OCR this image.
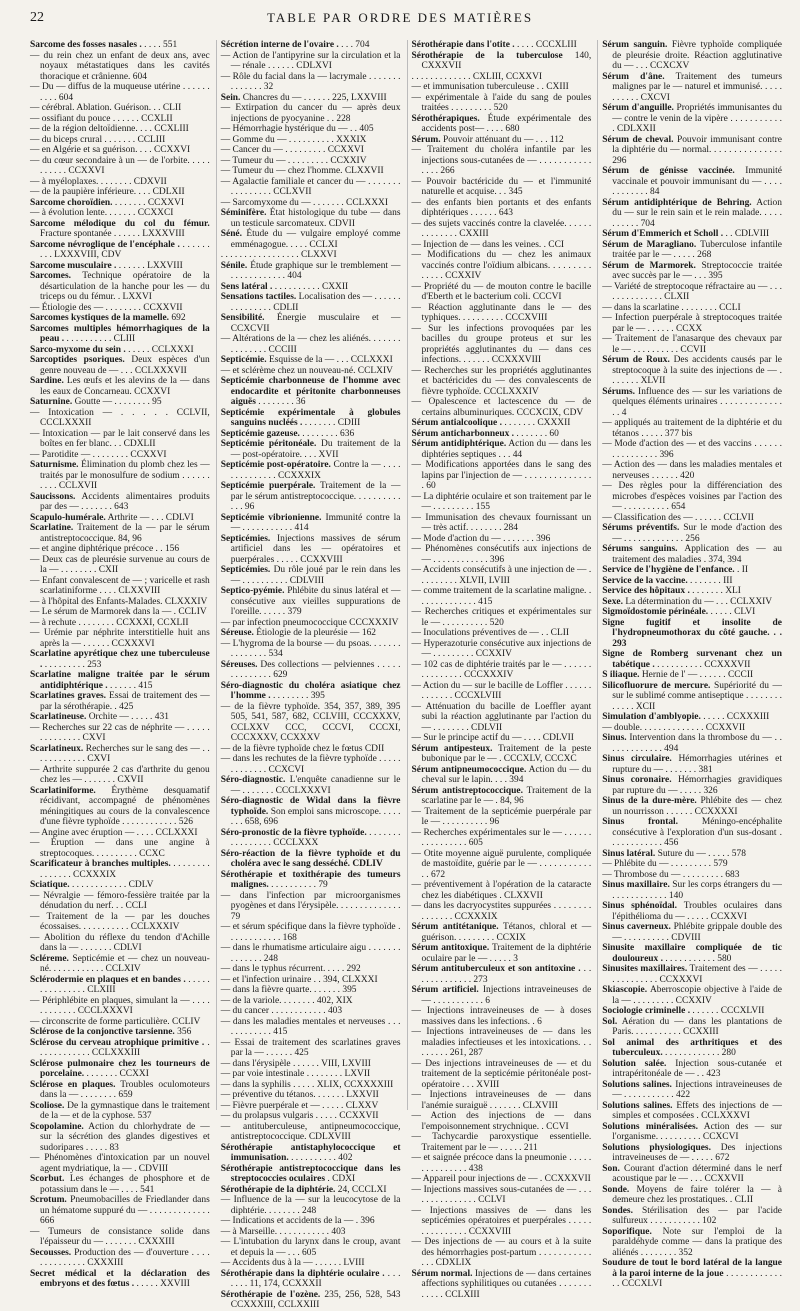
22	TABLE PAR ORDRE DES MATIÈRES
Sarcome des fosses nasales . . . . . 551
— du rein chez un enfant de deux ans, avec noyaux métastatiques dans les cavités thoracique et crânienne. 604
— Du — diffus de la muqueuse utérine . . . . . . . . . . 604
— cérébral. Ablation. Guérison. . . CLII
— ossifiant du pouce . . . . . . CCXLII
— de la région deltoïdienne. . . . CCXLIII
— du biceps crural . . . . . . . CCLIII
— en Algérie et sa guérison. . . . CCXXVI
— du cœur secondaire à un — de l'orbite. . . . . . . . . . . CCXXVI
— à myéloplaxes. . . . . . . . CDXVII
— de la paupière inférieure. . . . CDLXII
Sarcome choroïdien. . . . . . . . CCXXVI
— à évolution lente. . . . . . . CCXXCI
Sarcome mélodique du col du fémur. Fracture spontanée . . . . . . LXXXVIII
Sarcome névroglique de l'encéphale . . . . . . . . . . LXXXVIII, CDV
Sarcome musculaire . . . . . . . LXXVIII
Sarcomes. Technique opératoire de la désarticulation de la hanche pour les — du triceps ou du fémur. . LXXVI
— Étiologie des — . . . . . . . . CCXXVII
Sarcomes kystiques de la mamelle. 692
Sarcomes multiples hémorrhagiques de la peau . . . . . . . . . . . CLIII
Sarco-myxome du sein . . . . . . CCLXXXI
Sarcoptides psoriques. Deux espèces d'un genre nouveau de — . . . CCLXXXVII
Sardine. Les œufs et les alevins de la — dans les eaux de Concarneau. CCXXVI
Saturnine. Goutte — . . . . . . . . 95
— Intoxication — . . . . . CCLVII, CCCLXXXII
— Intoxication — par le lait conservé dans les boîtes en fer blanc. . . CDXLII
— Parotidite — . . . . . . . . CCXXVI
Saturnisme. Élimination du plomb chez les — traités par le monosulfure de sodium . . . . . . . . . . CCLXVII
Saucissons. Accidents alimentaires produits par des — . . . . . . . 643
Scapulo-humérale. Arthrite — . . . CDLVI
Scarlatine. Traitement de la — par le sérum antistreptococcique. 84, 96
— et angine diphtérique précoce . . 156
— Deux cas de pleurésie survenue au cours de la — . . . . . . . . CXII
— Enfant convalescent de — ; varicelle et rash scarlatiniforme . . . . CLXXVIII
— à l'hôpital des Enfants-Malades. CLXXXIV
— Le sérum de Marmorek dans la — . CCLIV
— à rechute . . . . . . . . CCXXXI, CCXLII
— Urémie par néphrite interstitielle huit ans après la — . . . . . . CCXXXVI
Scarlatine apyrétique chez une tuberculeuse . . . . . . . . . . 253
Scarlatine maligne traitée par le sérum antidiphtérique . . . . . . . 415
Scarlatines graves. Essai de traitement des — par la sérothérapie. . 425
Scarlatineuse. Orchite — . . . . . 431
— Recherches sur 22 cas de néphrite — . . . . . . . . . . . . . . CXVI
Scarlatineux. Recherches sur le sang des — . . . . . . . . . . . . CXVI
— Arthrite suppurée 2 cas d'arthrite du genou chez les — . . . . . . . CXVII
Scarlatiniforme. Érythème desquamatif récidivant, accompagné de phénomènes méningitiques au cours de la convalescence d'une fièvre typhoïde . . . . . . . . . . . . 526
— Angine avec éruption — . . . . CCLXXXI
— Éruption — dans une angine à streptocoques. . . . . . . . . . CCXC
Scarificateur à branches multiples. . . . . . . . . . . . . . . . CCXXXIX
Sciatique. . . . . . . . . . . . . CDLV
— Névralgie — fémoro-fessière traitée par la dénudation du nerf. . . CCLI
— Traitement de la — par les douches écossaises. . . . . . . . . . . CCLXXXIV
— Abolition du réflexe du tendon d'Achille dans la — . . . . . . . CDLVI
Scléreme. Septicémie et — chez un nouveau-né. . . . . . . . . . . . CCLXIV
Sclérodermie en plaques et en bandes . . . . . . . . . . . . . . . . CLXIII
— Périphlébite en plaques, simulant la — . . . . . . . . . . . . CCCLXXXVI
— circonscrite de forme particulière. CCLIV
Sclérose de la conjonctive tarsienne. 356
Sclérose du cerveau atrophique primitive . . . . . . . . . . . . . CCLXXXIII
Sclérose pulmonaire chez les tourneurs de porcelaine. . . . . . . . CCXXI
Sclérose en plaques. Troubles oculomoteurs dans la — . . . . . . . . 659
Scoliose. De la gymnastique dans le traitement de la — et de la cyphose. 537
Scopolamine. Action du chlorhydrate de — sur la sécrétion des glandes digestives et sudoripares . . . . . 83
— Phénomènes d'intoxication par un nouvel agent mydriatique, la — . CDVIII
Scorbut. Les échanges de phosphore et de potassium dans le — . . . . 541
Scrotum. Pneumobacilles de Friedlander dans un hématome suppuré du — . . . . . . . . . . . . . 666
— Tumeurs de consistance solide dans l'épaisseur du — . . . . . . . CXXXIII
Secousses. Production des — d'ouverture . . . . . . . . . . . . . . CXXXIII
Secret médical et la déclaration des embryons et des fœtus . . . . . . XXVIII
Sécrétion interne de l'ovaire . . . . 704
— Action de l'antipyrine sur la circulation et la — rénale . . . . . . CDLXVI
— Rôle du facial dans la — lacrymale . . . . . . . . . . . . . . 32
Sein. Chancres du — . . . . . . 225, LXXVIII
— Extirpation du cancer du — après deux injections de pyocyanine . . 228
— Hémorrhagie hystérique du — . . 405
— Gomme du — . . . . . . . . . . XXXIX
— Cancer du — . . . . . . . . . CCXXVI
— Tumeur du — . . . . . . . . . CCXXIV
— Tumeur du — chez l'homme. CLXXVII
— Agalactie familiale et cancer du — . . . . . . . . . . . . . . . . CCLXVII
— Sarcomyxome du — . . . . . . . CCLXXXI
Séminifère. État histologique du tube — dans un testicule sarcomateux. CDVII
Séné. Étude du — vulgaire employé comme emménagogue. . . . . CCLXI
. . . . . . . . . . . . . . . . . CLXXVI
Sénile. Étude graphique sur le tremblement — . . . . . . . . . . . . 404
Sens latéral . . . . . . . . . . . CXXII
Sensations tactiles. Localisation des — . . . . . . . . . . . . . . . CDLII
Sensibilité. Énergie musculaire et — CCXCVII
— Altérations de la — chez les aliénés. . . . . . . . . . . . . . . CCCIII
Septicémie. Esquisse de la — . . . CCLXXXI
— et sclérème chez un nouveau-né. CCLXIV
Septicémie charbonneuse de l'homme avec endocardite et péritonite charbonneuses aiguës . . . . . . . . 36
Septicémie expérimentale à globules sanguins nucléés . . . . . . . . CDIII
Septicémie gazeuse. . . . . . . . . 636
Septicémie péritonéale. Du traitement de la — post-opératoire. . . . XVII
Septicémie post-opératoire. Contre la — . . . . . . . . . . . . . . CCXXXIX
Septicémie puerpérale. Traitement de la — par le sérum antistreptococcique. . . . . . . . . . . . . 96
Septicémie vibrionienne. Immunité contre la — . . . . . . . . . . . 414
Septicémies. Injections massives de sérum artificiel dans les — opératoires et puerpérales . . . . . CCXXVIII
Septicémies. Du rôle joué par le rein dans les — . . . . . . . . . . CDLVIII
Septico-pyémie. Phlébite du sinus latéral et — consécutive aux vieilles suppurations de l'oreille. . . . . . 379
— par infection pneumococcique CCCXXXIV
Séreuse. Étiologie de la pleurésie — 162
— L'hygroma de la bourse — du psoas. . . . . . . . . . . . . . . 534
Séreuses. Des collections — pelviennes . . . . . . . . . . . . . . 629
Séro-diagnostic du choléra asiatique chez l'homme . . . . . . . . . 395
— de la fièvre typhoïde. 354, 357, 389, 395 505, 541, 587, 682, CCLVIII, CCCXXXV, CCLXXV CCC, CCCVI, CCCXI, CCCXXXV, CCXXXV
— de la fièvre typhoïde chez le fœtus CDII
— dans les rechutes de la fièvre typhoïde . . . . . . . . . . . . . CCXCVI
Séro-diagnostic. L'enquête canadienne sur le — . . . . . . . CCCLXXXVI
Séro-diagnostic de Widal dans la fièvre typhoïde. Son emploi sans microscope. . . . . . . . 658, 696
Séro-pronostic de la fièvre typhoïde. . . . . . . . . . . . . . . . . CCCLXXX
Séro-réaction de la fièvre typhoïde et du choléra avec le sang desséché. CDLIV
Sérothérapie et toxithérapie des tumeurs malignes. . . . . . . . . . . 79
— dans l'infection par microorganismes pyogènes et dans l'érysipèle. . . . . . . . . . . . . . 79
— et sérum spécifique dans la fièvre typhoïde . . . . . . . . . . . . 168
— dans le rhumatisme articulaire aigu . . . . . . . . . . . . . . 248
— dans le typhus récurrent. . . . . 292
— et l'infection urinaire . . 394, CLXXXI
— dans la fièvre quarte. . . . . . . 395
— de la variole. . . . . . . . 402, XIX
— du cancer . . . . . . . . . . . . 403
— dans les maladies mentales et nerveuses . . . . . . . . . . . . 415
— Essai de traitement des scarlatines graves par la — . . . . . . 425
— dans l'érysipèle . . . . . . VIII, LXVIII
— par voie intestinale . . . . . . . . LXVII
— dans la syphilis . . . . . XLIX, CCXXXXIII
— préventive du tétanos. . . . . . . LXXVII
— Fièvre puerpérale et — . . . . . CLXXV
— du prolapsus vulgaris . . . . . CCXXVII
— antituberculeuse, antipneumococcique, antistreptococcique. CDLXVIII
Sérothérapie antistaphylococcique et immunisation. . . . . . . . . . . 402
Sérothérapie antistreptococcique dans les streptococcies oculaires . CDXI
Sérothérapie de la diphtérie. 24, CCCLXI
— Influence de la — sur la leucocytose de la diphtérie. . . . . . . . 248
— Indications et accidents de la — . 396
— à Marseille. . . . . . . . . . . . 403
— L'intubation du larynx dans le croup, avant et depuis la — . . . 605
— Accidents dus à la — . . . . . . LVIII
Sérothérapie dans la diphtérie oculaire . . . . . . . . 11, 174, CCXXXII
Sérothérapie de l'ozène. 235, 256, 528, 543 CCXXXIII, CCLXXIII
Sérothérapie dans l'otite . . . . . CCCXLIII
Sérothérapie de la tuberculose 140, CXXXVII
. . . . . . . . . . . . . CXLIII, CCXXVI
— et immunisation tuberculeuse . . CXIII
— expérimentale à l'aide du sang de poules traitées . . . . . . . . . 520
Sérothérapiques. Étude expérimentale des accidents post— . . . . 680
Sérum. Pouvoir atténuant du — . . . 112
— Traitement du choléra infantile par les injections sous-cutanées de — . . . . . . . . . . . . . . . 266
— Pouvoir bactéricide du — et l'immunité naturelle et acquise. . . 345
— des enfants bien portants et des enfants diphtériques . . . . . . 643
— des sujets vaccinés contre la clavelée. . . . . . . . . . . . . . CXXIII
— Injection de — dans les veines. . CCI
— Modifications du — chez les animaux vaccinés contre l'oïdium albicans. . . . . . . . . . . . . . CCXXIV
— Propriété du — de mouton contre le bacille d'Eberth et le bacterium coli. CCCVI
— Réaction agglutinante dans le — des typhiques. . . . . . . . . . CCCXVIII
— Sur les infections provoquées par les bacilles du groupe proteus et sur les propriétés agglutinantes du — dans ces infections. . . . . . . CCXXXVIII
— Recherches sur les propriétés agglutinantes et bactéricides du — des convalescents de fièvre typhoïde. CCCLXXXIV
— Opalescence et lactescence du — de certains albuminuriques. CCCXCIX, CDV
Sérum antialcoolique . . . . . . . . CXXXII
Sérum anticharbonneux . . . . . . . . 60
Sérum antidiphtérique. Action du — dans les diphtéries septiques . . . 44
— Modifications apportées dans le sang des lapins par l'injection de — . . . . . . . . . . . . . . . 60
— La diphtérie oculaire et son traitement par le — . . . . . . . . . 155
— Immunisation des chevaux fournissant un — très actif. . . . . . . . 284
— Mode d'action du — . . . . . . . 396
— Phénomènes consécutifs aux injections de — . . . . . . . . . . . . 396
— Accidents consécutifs à une injection de — . . . . . . . . . XLVII, LVIII
— comme traitement de la scarlatine maligne. . . . . . . . . . . . . . 415
— Recherches critiques et expérimentales sur le — . . . . . . . . . . 520
— Inoculations préventives de — . . CLII
— Hyperazoturie consécutive aux injections de — . . . . . . . . . CCXXIV
— 102 cas de diphtérie traités par le — . . . . . . . . . . . . . . . CCCXXXIV
— Action du — sur le bacille de Loffler . . . . . . . . . . . . . CCCXLVIII
— Atténuation du bacille de Loeffler ayant subi la réaction agglutinante par l'action du — . . . . . . . . CDLVII
— Sur le principe actif du — . . . . CDLVII
Sérum antipesteux. Traitement de la peste bubonique par le — . CCCXLV, CCCXC
Sérum antipneumococcique. Action du — du cheval sur le lapin. . . . 394
Sérum antistreptococcique. Traitement de la scarlatine par le — . 84, 96
— Traitement de la septicémie puerpérale par le — . . . . . . . . . . 96
— Recherches expérimentales sur le — . . . . . . . . . . . . . . . . 605
— Otite moyenne aiguë purulente, compliquée de mastoïdite, guérie par le — . . . . . . . . . . . . . 672
— préventivement à l'opération de la cataracte chez les diabétiques . CLXXVII
— dans les dacryocystites suppurées . . . . . . . . . . . . . . . CCXXXIX
Sérum antitétanique. Tétanos, chloral et — guérison. . . . . . . . . CCXIX
Sérum antitoxique. Traitement de la diphtérie oculaire par le — . . . . . 3
Sérum antituberculeux et son antitoxine . . . . . . . . . . . . . . 273
Sérum artificiel. Injections intraveineuses de — . . . . . . . . . . . 6
— Injections intraveineuses de — à doses massives dans les infections. . 6
— Injections intraveineuses de — dans les maladies infectieuses et les intoxications. . . . . . . . . 261, 287
— Des injections intraveineuses de — et du traitement de la septicémie péritonéale post-opératoire . . . XVIII
— Injections intraveineuses de — dans l'anémie suraiguë . . . . . . . CLXVIII
— Action des injections de — dans l'empoisonnement strychnique. . CCVI
— Tachycardie paroxystique essentielle. Traitement par le — . . . . . 211
— et saignée précoce dans la pneumonie . . . . . . . . . . . . . . . 438
— Appareil pour injections de — . CCXXXVII
— Injections massives sous-cutanées de — . . . . . . . . . . . . . . . CCLVI
— Injections massives de — dans les septicémies opératoires et puerpérales . . . . . . . . . . . . . . . CCXXVIII
— Des injections de — au cours et à la suite des hémorrhagies post-partum . . . . . . . . . . . . . . CDXLIX
Sérum normal. Injections de — dans certaines affections syphilitiques ou cutanées . . . . . . . . . . . . CCLXIII
Sérum sanguin. Fièvre typhoïde compliquée de pleurésie droite. Réaction agglutinative du — . . . CCXCXV
Sérum d'âne. Traitement des tumeurs malignes par le — naturel et immunisé. . . . . . . . . . . CXCVI
Sérum d'anguille. Propriétés immunisantes du — contre le venin de la vipère . . . . . . . . . . . . CDLXXII
Sérum de cheval. Pouvoir immunisant contre la diphtérie du — normal. . . . . . . . . . . . . . . 296
Sérum de génisse vaccinée. Immunité vaccinale et pouvoir immunisant du — . . . . . . . . . . . . 84
Sérum antidiphtérique de Behring. Action du — sur le rein sain et le rein malade. . . . . . . . . . . 704
Sérum d'Emmerich et Scholl . . . CDLVIII
Sérum de Maragliano. Tuberculose infantile traitée par le — . . . . . 268
Sérum de Marmorek. Streptococcie traitée avec succès par le — . . . 395
— Variété de streptocoque réfractaire au — . . . . . . . . . . . . . . CLXII
— dans la scarlatine . . . . . . . . CCLI
— Infection puerpérale à streptocoques traitée par le — . . . . . . CCXX
— Traitement de l'anasarque des chevaux par le — . . . . . . . . . . CCVII
Sérum de Roux. Des accidents causés par le streptocoque à la suite des injections de — . . . . . . . XLVII
Sérums. Influence des — sur les variations de quelques éléments urinaires . . . . . . . . . . . . . . . 4
— appliqués au traitement de la diphtérie et du tétanos . . . . . 377 bis
— Mode d'action des — et des vaccins . . . . . . . . . . . . . . . . 396
— Action des — dans les maladies mentales et nerveuses . . . . . . 420
— Des règles pour la différenciation des microbes d'espèces voisines par l'action des — . . . . . . . . . . 654
— Classification des — . . . . . . CCLVII
Sérums préventifs. Sur le mode d'action des — . . . . . . . . . . . . . 256
Sérums sanguins. Application des — au traitement des maladies . 374, 394
Service de l'hygiène de l'enfance. . II
Service de la vaccine. . . . . . . . III
Service des hôpitaux . . . . . . . . XLI
Sexe. La détermination du — . . . CCLXXIV
Sigmoïdostomie périnéale. . . . . . CLVI
Signe fugitif et insolite de l'hydropneumothorax du côté gauche. . . 293
Signe de Romberg survenant chez un tabétique . . . . . . . . . . . CCXXXVII
S iliaque. Hernie de l' — . . . . . . CCCII
Silicofluorure de mercure. Supériorité du — sur le sublimé comme antiseptique . . . . . . . . . . . . . XCII
Simulation d'amblyopie. . . . . . CCXXXIII
— double. . . . . . . . . . . . . . CCXXVII
Sinus. Intervention dans la thrombose du — . . . . . . . . . . . . . 494
Sinus circulaire. Hémorrhagies utérines et rupture du — . . . . . . . 381
Sinus coronaire. Hémorrhagies gravidiques par rupture du — . . . . . 326
Sinus de la dure-mère. Phlébite des — chez un nourrisson . . . . . . CCXXXXI
Sinus frontal. Méningo-encéphalite consécutive à l'exploration d'un sus-dosant . . . . . . . . . . . . 456
Sinus latéral. Suture du — . . . . . 578
— Phlébite du — . . . . . . . . . 579
— Thrombose du — . . . . . . . . . 683
Sinus maxillaire. Sur les corps étrangers du — . . . . . . . . . . . . 140
Sinus sphénoïdal. Troubles oculaires dans l'épithélioma du — . . . . . CCXXVI
Sinus caverneux. Phlébite grippale double des — . . . . . . . . . . CDVIII
Sinusite maxillaire compliquée de tic douloureux . . . . . . . . . . . . 580
Sinusites maxillaires. Traitement des — . . . . . . . . . . . . . . . CCXXXVI
Skiascopie. Aberroscopie objective à l'aide de la — . . . . . . . . . CCXXIV
Sociologie criminelle . . . . . . . CCCXLVII
Sol. Aération du — dans les plantations de Paris. . . . . . . . . . . CCXXIII
Sol animal des arthritiques et des tuberculeux. . . . . . . . . . . . . 280
Solution salée. Injection sous-cutanée et intrapéritonéale de — . . 423
Solutions salines. Injections intraveineuses de — . . . . . . . . . . . 422
Solutions salines. Effets des injections de — simples et composées . CCLXXXVI
Solutions minéralisées. Action des — sur l'organisme. . . . . . . . . . CCXCVI
Solutions physiologiques. Des injections intraveineuses de — . . . . . 672
Son. Courant d'action déterminé dans le nerf acoustique par le — . . . CCXXVII
Sonde. Moyens de faire tolérer la — à demeure chez les prostatiques. . CLII
Sondes. Stérilisation des — par l'acide sulfureux . . . . . . . . . . . 102
Soporifique. Note sur l'emploi de la paraldéhyde comme — dans la pratique des aliénés . . . . . . . . 352
Soudure de tout le bord latéral de la langue à la paroi interne de la joue . . . . . . . . . . . . . . CCCXLVI
